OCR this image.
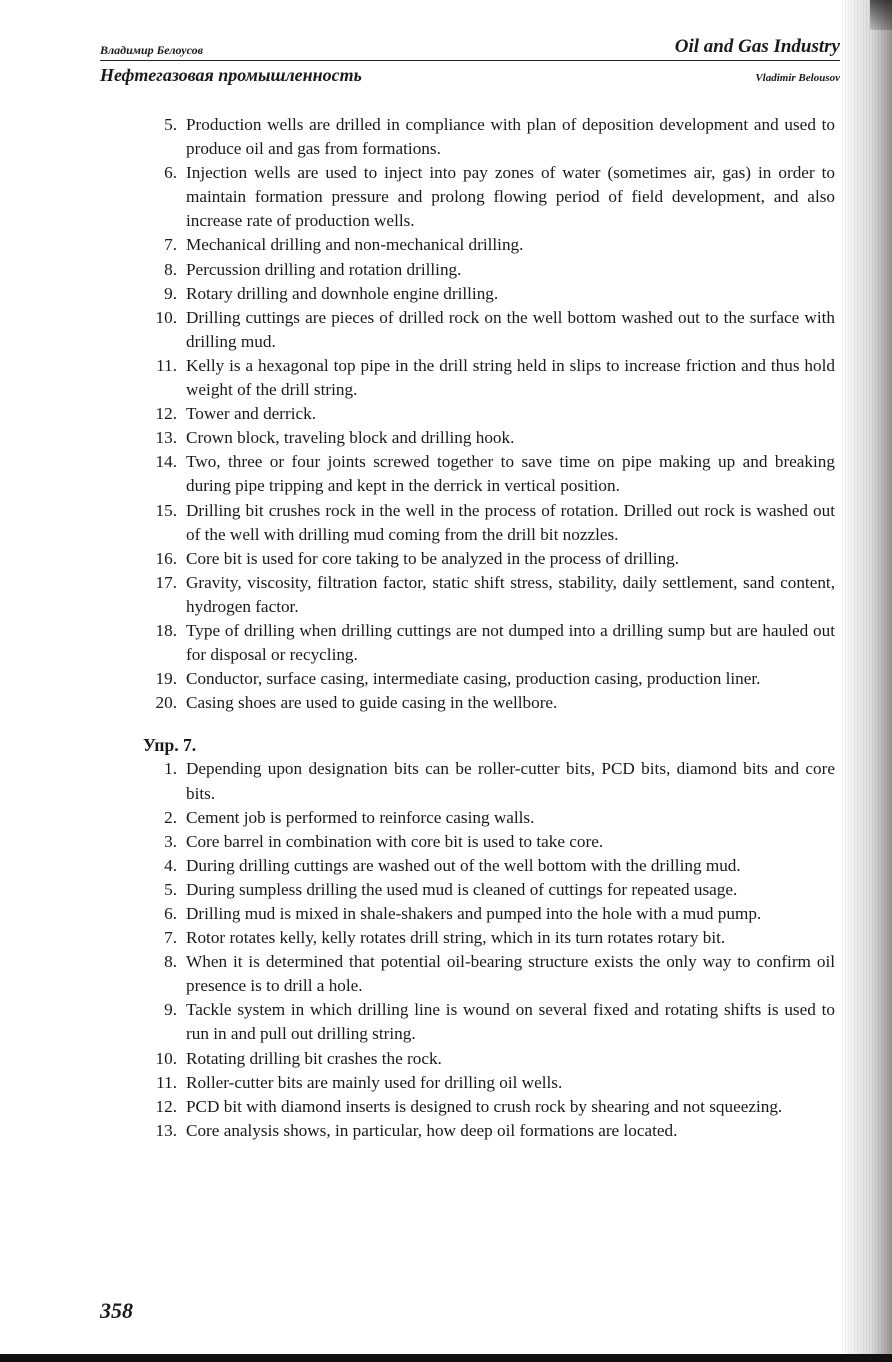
Владимир Белоусов	Oil and Gas Industry
Нефтегазовая промышленность	Vladimir Belousov
5. Production wells are drilled in compliance with plan of deposition development and used to produce oil and gas from formations.
6. Injection wells are used to inject into pay zones of water (sometimes air, gas) in order to maintain formation pressure and prolong flowing period of field development, and also increase rate of production wells.
7. Mechanical drilling and non-mechanical drilling.
8. Percussion drilling and rotation drilling.
9. Rotary drilling and downhole engine drilling.
10. Drilling cuttings are pieces of drilled rock on the well bottom washed out to the surface with drilling mud.
11. Kelly is a hexagonal top pipe in the drill string held in slips to increase friction and thus hold weight of the drill string.
12. Tower and derrick.
13. Crown block, traveling block and drilling hook.
14. Two, three or four joints screwed together to save time on pipe making up and breaking during pipe tripping and kept in the derrick in vertical position.
15. Drilling bit crushes rock in the well in the process of rotation. Drilled out rock is washed out of the well with drilling mud coming from the drill bit nozzles.
16. Core bit is used for core taking to be analyzed in the process of drilling.
17. Gravity, viscosity, filtration factor, static shift stress, stability, daily settlement, sand content, hydrogen factor.
18. Type of drilling when drilling cuttings are not dumped into a drilling sump but are hauled out for disposal or recycling.
19. Conductor, surface casing, intermediate casing, production casing, production liner.
20. Casing shoes are used to guide casing in the wellbore.
Упр. 7.
1. Depending upon designation bits can be roller-cutter bits, PCD bits, diamond bits and core bits.
2. Cement job is performed to reinforce casing walls.
3. Core barrel in combination with core bit is used to take core.
4. During drilling cuttings are washed out of the well bottom with the drilling mud.
5. During sumpless drilling the used mud is cleaned of cuttings for repeated usage.
6. Drilling mud is mixed in shale-shakers and pumped into the hole with a mud pump.
7. Rotor rotates kelly, kelly rotates drill string, which in its turn rotates rotary bit.
8. When it is determined that potential oil-bearing structure exists the only way to confirm oil presence is to drill a hole.
9. Tackle system in which drilling line is wound on several fixed and rotating shifts is used to run in and pull out drilling string.
10. Rotating drilling bit crashes the rock.
11. Roller-cutter bits are mainly used for drilling oil wells.
12. PCD bit with diamond inserts is designed to crush rock by shearing and not squeezing.
13. Core analysis shows, in particular, how deep oil formations are located.
358
